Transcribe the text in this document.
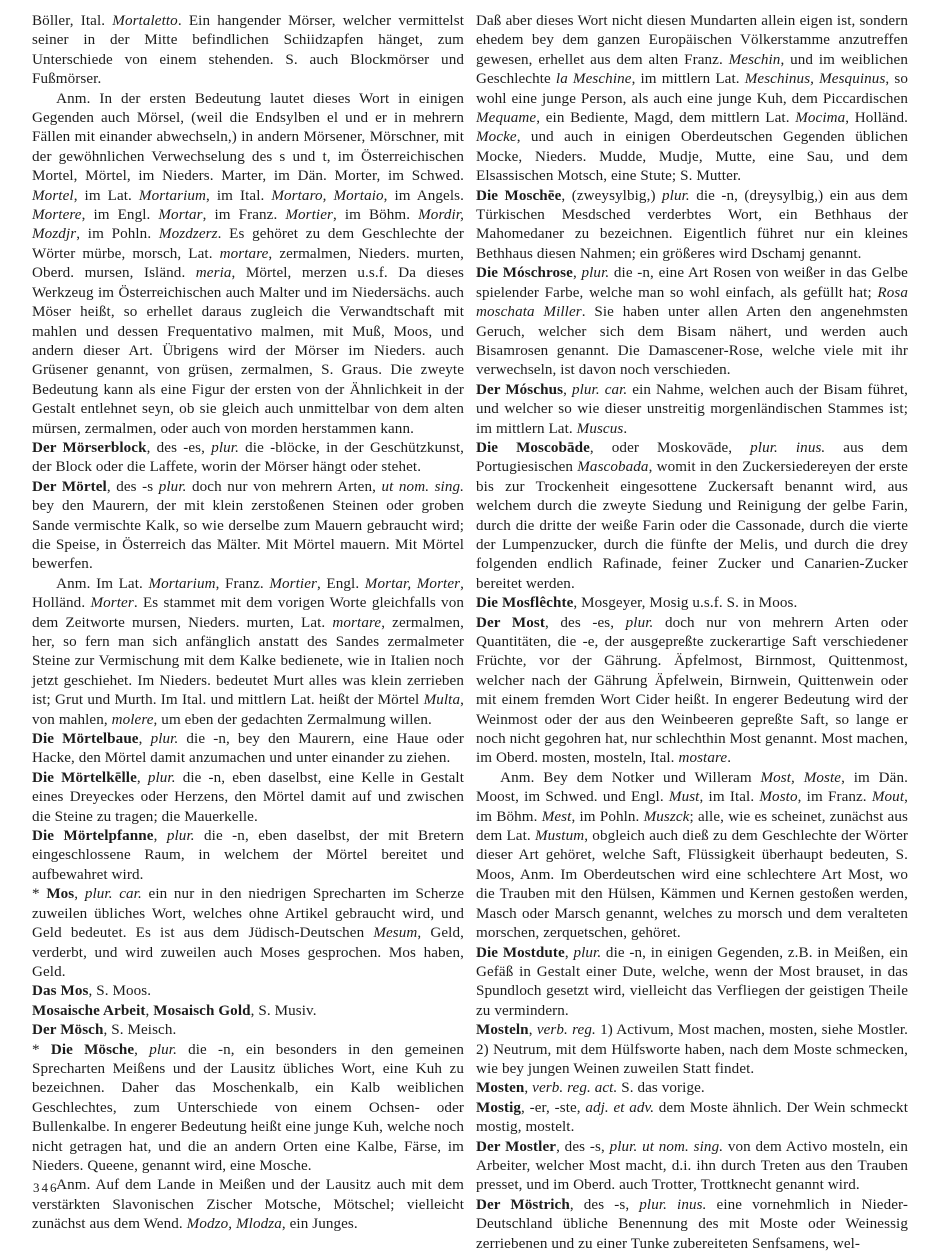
Böller, Ital. Mortaletto. Ein hangender Mörser, welcher vermittelst seiner in der Mitte befindlichen Schiidzapfen hänget, zum Unterschiede von einem stehenden. S. auch Blockmörser und Fußmörser.

Anm. In der ersten Bedeutung lautet dieses Wort in einigen Gegenden auch Mörsel, (weil die Endsylben el und er in mehrern Fällen mit einander abwechseln,) in andern Mörsener, Mörschner, mit der gewöhnlichen Verwechselung des s und t, im Österreichischen Mortel, Mörtel, im Nieders. Marter, im Dän. Morter, im Schwed. Mortel, im Lat. Mortarium, im Ital. Mortaro, Mortaio, im Angels. Mortere, im Engl. Mortar, im Franz. Mortier, im Böhm. Mordir, Mozdjr, im Pohln. Mozdzerz. Es gehöret zu dem Geschlechte der Wörter mürbe, morsch, Lat. mortare, zermalmen, Nieders. murten, Oberd. mursen, Isländ. meria, Mörtel, merzen u.s.f. Da dieses Werkzeug im Österreichischen auch Malter und im Niedersächs. auch Möser heißt, so erhellet daraus zugleich die Verwandtschaft mit mahlen und dessen Frequentativo malmen, mit Muß, Moos, und andern dieser Art. Übrigens wird der Mörser im Nieders. auch Grüsener genannt, von grüsen, zermalmen, S. Graus. Die zweyte Bedeutung kann als eine Figur der ersten von der Ähnlichkeit in der Gestalt entlehnet seyn, ob sie gleich auch unmittelbar von dem alten mürsen, zermalmen, oder auch von morden herstammen kann.

Der Mörserblock, des -es, plur. die -blöcke, in der Geschützkunst, der Block oder die Laffete, worin der Mörser hängt oder stehet.

Der Mörtel, des -s plur. doch nur von mehrern Arten, ut nom. sing. bey den Maurern, der mit klein zerstoßenen Steinen oder groben Sande vermischte Kalk, so wie derselbe zum Mauern gebraucht wird; die Speise, in Österreich das Mälter. Mit Mörtel mauern. Mit Mörtel bewerfen.

Anm. Im Lat. Mortarium, Franz. Mortier, Engl. Mortar, Morter, Holländ. Morter. Es stammet mit dem vorigen Worte gleichfalls von dem Zeitworte mursen, Nieders. murten, Lat. mortare, zermalmen, her, so fern man sich anfänglich anstatt des Sandes zermalmeter Steine zur Vermischung mit dem Kalke bedienete, wie in Italien noch jetzt geschiehet. Im Nieders. bedeutet Murt alles was klein zerrieben ist; Grut und Murth. Im Ital. und mittlern Lat. heißt der Mörtel Multa, von mahlen, molere, um eben der gedachten Zermalmung willen.

Die Mörtelbaue, plur. die -n, bey den Maurern, eine Haue oder Hacke, den Mörtel damit anzumachen und unter einander zu ziehen.

Die Mörtelkēlle, plur. die -n, eben daselbst, eine Kelle in Gestalt eines Dreyeckes oder Herzens, den Mörtel damit auf und zwischen die Steine zu tragen; die Mauerkelle.

Die Mörtelpfanne, plur. die -n, eben daselbst, der mit Bretern eingeschlossene Raum, in welchem der Mörtel bereitet und aufbewahret wird.

* Mos, plur. car. ein nur in den niedrigen Sprecharten im Scherze zuweilen übliches Wort, welches ohne Artikel gebraucht wird, und Geld bedeutet. Es ist aus dem Jüdisch-Deutschen Mesum, Geld, verderbt, und wird zuweilen auch Moses gesprochen. Mos haben, Geld.

Das Mos, S. Moos.

Mosaische Arbeit, Mosaisch Gold, S. Musiv.

Der Mösch, S. Meisch.

* Die Mösche, plur. die -n, ein besonders in den gemeinen Sprecharten Meißens und der Lausitz übliches Wort, eine Kuh zu bezeichnen. Daher das Moschenkalb, ein Kalb weiblichen Geschlechtes, zum Unterschiede von einem Ochsen- oder Bullenkalbe. In engerer Bedeutung heißt eine junge Kuh, welche noch nicht getragen hat, und die an andern Orten eine Kalbe, Färse, im Nieders. Queene, genannt wird, eine Mosche.

Anm. Auf dem Lande in Meißen und der Lausitz auch mit dem verstärkten Slavonischen Zischer Motsche, Mötschel; vielleicht zunächst aus dem Wend. Modzo, Mlodza, ein Junges.

Daß aber dieses Wort nicht diesen Mundarten allein eigen ist, sondern ehedem bey dem ganzen Europäischen Völkerstamme anzutreffen gewesen, erhellet aus dem alten Franz. Meschin, und im weiblichen Geschlechte la Meschine, im mittlern Lat. Meschinus, Mesquinus, so wohl eine junge Person, als auch eine junge Kuh, dem Piccardischen Mequame, ein Bediente, Magd, dem mittlern Lat. Mocima, Holländ. Mocke, und auch in einigen Oberdeutschen Gegenden üblichen Mocke, Nieders. Mudde, Mudje, Mutte, eine Sau, und dem Elsassischen Motsch, eine Stute; S. Mutter.

Die Moschēe, (zweysylbig,) plur. die -n, (dreysylbig,) ein aus dem Türkischen Mesdsched verderbtes Wort, ein Bethhaus der Mahomedaner zu bezeichnen. Eigentlich führet nur ein kleines Bethhaus diesen Nahmen; ein größeres wird Dschamj genannt.

Die Móschrose, plur. die -n, eine Art Rosen von weißer in das Gelbe spielender Farbe, welche man so wohl einfach, als gefüllt hat; Rosa moschata Miller. Sie haben unter allen Arten den angenehmsten Geruch, welcher sich dem Bisam nähert, und werden auch Bisamrosen genannt. Die Damascener-Rose, welche viele mit ihr verwechseln, ist davon noch verschieden.

Der Móschus, plur. car. ein Nahme, welchen auch der Bisam führet, und welcher so wie dieser unstreitig morgenländischen Stammes ist; im mittlern Lat. Muscus.

Die Moscobāde, oder Moskovāde, plur. inus. aus dem Portugiesischen Mascobada, womit in den Zuckersiedereyen der erste bis zur Trockenheit eingesottene Zuckersaft benannt wird, aus welchem durch die zweyte Siedung und Reinigung der gelbe Farin, durch die dritte der weiße Farin oder die Cassonade, durch die vierte der Lumpenzucker, durch die fünfte der Melis, und durch die drey folgenden endlich Rafinade, feiner Zucker und Canarien-Zucker bereitet werden.

Die Mosflêchte, Mosgeyer, Mosig u.s.f. S. in Moos.

Der Most, des -es, plur. doch nur von mehrern Arten oder Quantitäten, die -e, der ausgepreßte zuckerartige Saft verschiedener Früchte, vor der Gährung. Äpfelmost, Birnmost, Quittenmost, welcher nach der Gährung Äpfelwein, Birnwein, Quittenwein oder mit einem fremden Wort Cider heißt. In engerer Bedeutung wird der Weinmost oder der aus den Weinbeeren gepreßte Saft, so lange er noch nicht gegohren hat, nur schlechthin Most genannt. Most machen, im Oberd. mosten, mosteln, Ital. mostare.

Anm. Bey dem Notker und Willeram Most, Moste, im Dän. Moost, im Schwed. und Engl. Must, im Ital. Mosto, im Franz. Mout, im Böhm. Mest, im Pohln. Muszck; alle, wie es scheinet, zunächst aus dem Lat. Mustum, obgleich auch dieß zu dem Geschlechte der Wörter dieser Art gehöret, welche Saft, Flüssigkeit überhaupt bedeuten, S. Moos, Anm. Im Oberdeutschen wird eine schlechtere Art Most, wo die Trauben mit den Hülsen, Kämmen und Kernen gestoßen werden, Masch oder Marsch genannt, welches zu morsch und dem veralteten morschen, zerquetschen, gehöret.

Die Mostdute, plur. die -n, in einigen Gegenden, z.B. in Meißen, ein Gefäß in Gestalt einer Dute, welche, wenn der Most brauset, in das Spundloch gesetzt wird, vielleicht das Verfliegen der geistigen Theile zu vermindern.

Mosteln, verb. reg. 1) Activum, Most machen, mosten, siehe Mostler. 2) Neutrum, mit dem Hülfsworte haben, nach dem Moste schmecken, wie bey jungen Weinen zuweilen Statt findet.

Mosten, verb. reg. act. S. das vorige.

Mostig, -er, -ste, adj. et adv. dem Moste ähnlich. Der Wein schmeckt mostig, mostelt.

Der Mostler, des -s, plur. ut nom. sing. von dem Activo mosteln, ein Arbeiter, welcher Most macht, d.i. ihn durch Treten aus den Trauben presset, und im Oberd. auch Trotter, Trottknecht genannt wird.

Der Möstrich, des -s, plur. inus. eine vornehmlich in Nieder-Deutschland übliche Benennung des mit Moste oder Weinessig zerriebenen und zu einer Tunke zubereiteten Senfsamens, wel-

346
